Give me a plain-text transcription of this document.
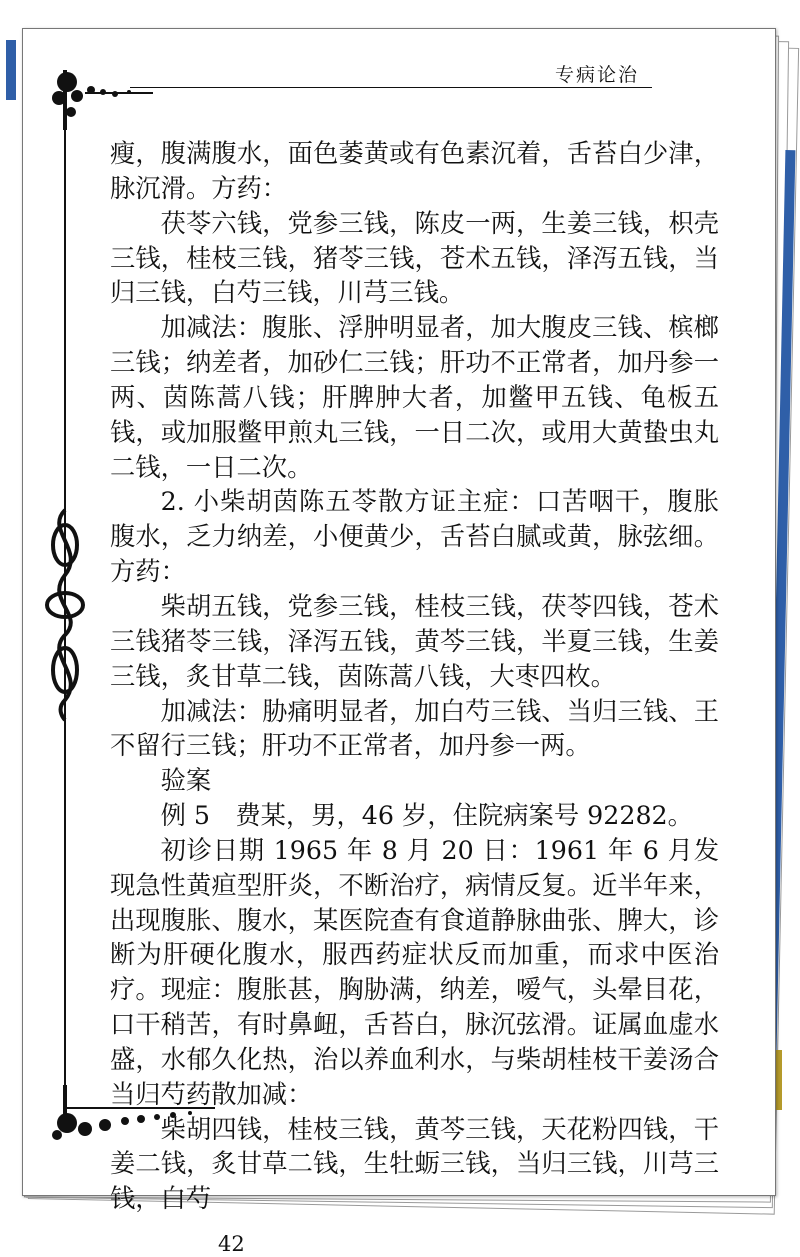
专病论治

瘦，腹满腹水，面色萎黄或有色素沉着，舌苔白少津，脉沉滑。方药：

茯苓六钱，党参三钱，陈皮一两，生姜三钱，枳壳三钱，桂枝三钱，猪苓三钱，苍术五钱，泽泻五钱，当归三钱，白芍三钱，川芎三钱。

加减法：腹胀、浮肿明显者，加大腹皮三钱、槟榔三钱；纳差者，加砂仁三钱；肝功不正常者，加丹参一两、茵陈蒿八钱；肝脾肿大者，加鳖甲五钱、龟板五钱，或加服鳖甲煎丸三钱，一日二次，或用大黄蛰虫丸二钱，一日二次。

2. 小柴胡茵陈五苓散方证主症：口苦咽干，腹胀腹水，乏力纳差，小便黄少，舌苔白腻或黄，脉弦细。方药：

柴胡五钱，党参三钱，桂枝三钱，茯苓四钱，苍术三钱猪苓三钱，泽泻五钱，黄芩三钱，半夏三钱，生姜三钱，炙甘草二钱，茵陈蒿八钱，大枣四枚。

加减法：胁痛明显者，加白芍三钱、当归三钱、王不留行三钱；肝功不正常者，加丹参一两。

验案

例 5　费某，男，46 岁，住院病案号 92282。

初诊日期 1965 年 8 月 20 日：1961 年 6 月发现急性黄疸型肝炎，不断治疗，病情反复。近半年来，出现腹胀、腹水，某医院查有食道静脉曲张、脾大，诊断为肝硬化腹水，服西药症状反而加重，而求中医治疗。现症：腹胀甚，胸胁满，纳差，嗳气，头晕目花，口干稍苦，有时鼻衄，舌苔白，脉沉弦滑。证属血虚水盛，水郁久化热，治以养血利水，与柴胡桂枝干姜汤合当归芍药散加减：

柴胡四钱，桂枝三钱，黄芩三钱，天花粉四钱，干姜二钱，炙甘草二钱，生牡蛎三钱，当归三钱，川芎三钱，白芍

42
